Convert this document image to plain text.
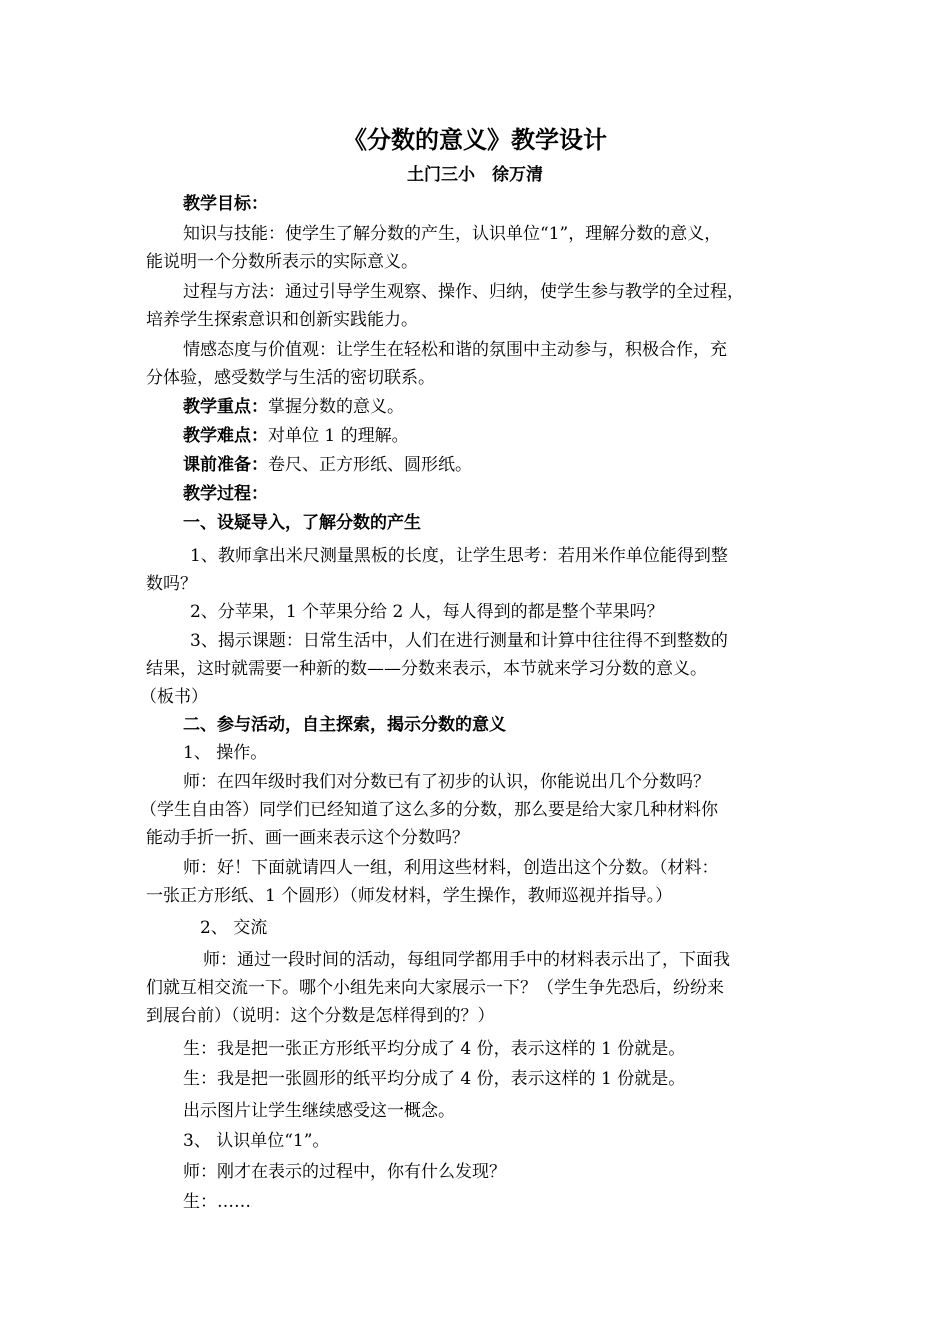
《分数的意义》教学设计
土门三小　徐万清
教学目标：
知识与技能：使学生了解分数的产生，认识单位“1”，理解分数的意义，
能说明一个分数所表示的实际意义。
过程与方法：通过引导学生观察、操作、归纳，使学生参与教学的全过程，
培养学生探索意识和创新实践能力。
情感态度与价值观：让学生在轻松和谐的氛围中主动参与，积极合作，充
分体验，感受数学与生活的密切联系。
教学重点：掌握分数的意义。
教学难点：对单位 1 的理解。
课前准备：卷尺、正方形纸、圆形纸。
教学过程：
一、设疑导入，了解分数的产生
1、教师拿出米尺测量黑板的长度，让学生思考：若用米作单位能得到整
数吗？
2、分苹果，1 个苹果分给 2 人，每人得到的都是整个苹果吗？
3、揭示课题：日常生活中，人们在进行测量和计算中往往得不到整数的
结果，这时就需要一种新的数——分数来表示，本节就来学习分数的意义。
（板书）
二、参与活动，自主探索，揭示分数的意义
1、 操作。
师：在四年级时我们对分数已有了初步的认识，你能说出几个分数吗？
（学生自由答）同学们已经知道了这么多的分数，那么要是给大家几种材料你
能动手折一折、画一画来表示这个分数吗？
师：好！下面就请四人一组，利用这些材料，创造出这个分数。（材料：
一张正方形纸、1 个圆形）（师发材料，学生操作，教师巡视并指导。）
2、 交流
师：通过一段时间的活动，每组同学都用手中的材料表示出了，下面我
们就互相交流一下。哪个小组先来向大家展示一下？（学生争先恐后，纷纷来
到展台前）（说明：这个分数是怎样得到的？）
生：我是把一张正方形纸平均分成了 4 份，表示这样的 1 份就是。
生：我是把一张圆形的纸平均分成了 4 份，表示这样的 1 份就是。
出示图片让学生继续感受这一概念。
3、 认识单位“1”。
师：刚才在表示的过程中，你有什么发现？
生：……
